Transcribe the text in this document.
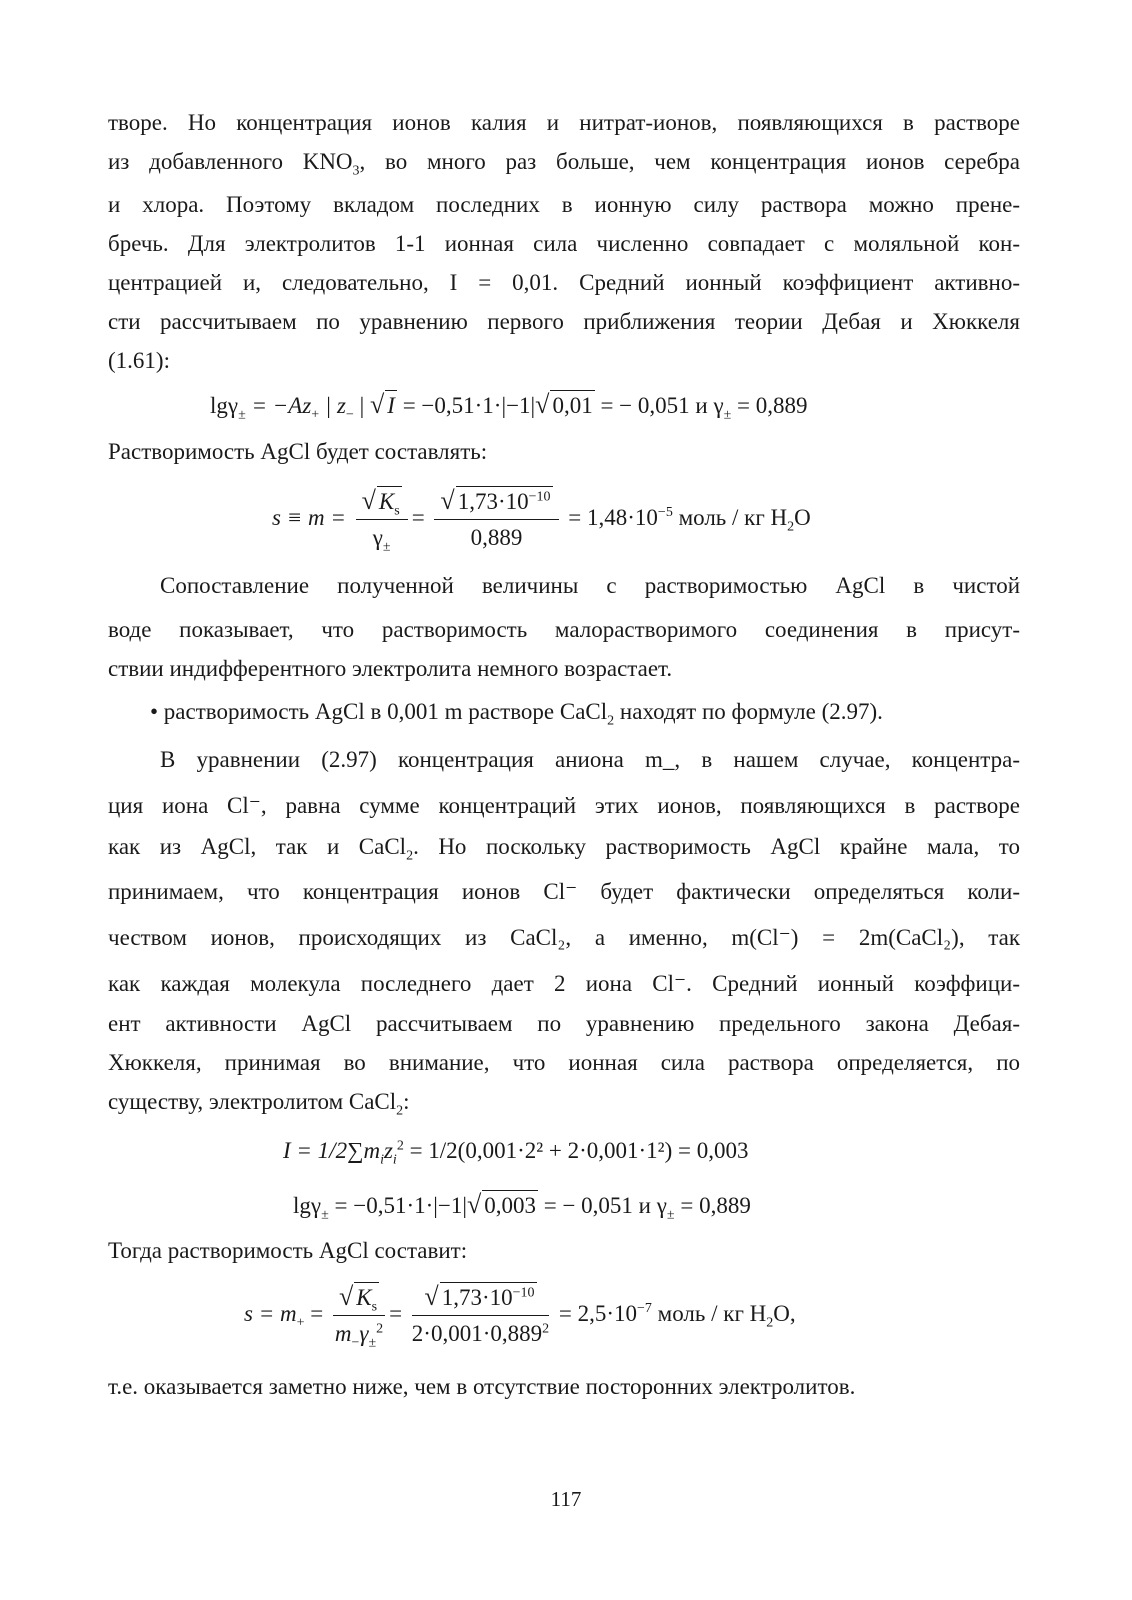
творе. Но концентрация ионов калия и нитрат-ионов, появляющихся в растворе
из добавленного $KNO_3$, во много раз больше, чем концентрация ионов серебра
и хлора. Поэтому вкладом последних в ионную силу раствора можно прене-
бречь. Для электролитов 1-1 ионная сила численно совпадает с моляльной кон-
центрацией и, следовательно, I = 0,01. Средний ионный коэффициент активно-
сти рассчитываем по уравнению первого приближения теории Дебая и Хюккеля
(1.61):
$\lg\gamma_\pm = -Az_+$ | $z_-$ | √ I = −0,51·1·|−1|√ 0,01 = − 0,051 и $\gamma_\pm = 0,889$
Растворимость AgCl будет составлять:
$s \equiv m = \frac{√ K_s}{\gamma_\pm} = \frac{√ 1,73\cdot 10^{-10}}{0,889} = 1,48\cdot 10^{-5}$ моль / кг $H_2O$
Сопоставление полученной величины с растворимостью AgCl в чистой
воде показывает, что растворимость малорастворимого соединения в присут-
ствии индифферентного электролита немного возрастает.
• растворимость AgCl в 0,001 m растворе CaCl$_2$ находят по формуле (2.97).
В уравнении (2.97) концентрация аниона m_, в нашем случае, концентра-
ция иона Cl⁻, равна сумме концентраций этих ионов, появляющихся в растворе
как из AgCl, так и CaCl$_2$. Но поскольку растворимость AgCl крайне мала, то
принимаем, что концентрация ионов Cl⁻ будет фактически определяться коли-
чеством ионов, происходящих из CaCl₂, а именно, m(Cl⁻) = 2m(CaCl₂), так
как каждая молекула последнего дает 2 иона Cl⁻. Средний ионный коэффици-
ент активности AgCl рассчитываем по уравнению предельного закона Дебая-
Хюккеля, принимая во внимание, что ионная сила раствора определяется, по
существу, электролитом CaCl$_2$:
$I = 1/2\sum m_iz_i^2 = 1/2(0,001\cdot 2^2 + 2\cdot 0,001\cdot 1^2) = 0,003$
lgγ$_\pm$ = −0,51·1·|−1|√ 0,003 = − 0,051 и $\gamma_\pm = 0,889$
Тогда растворимость AgCl составит:
$s = m_+ = \frac{√ K_s}{m_-\gamma_\pm^2} = \frac{√ 1,73\cdot 10^{-10}}{2\cdot 0,001\cdot 0,889^2} = 2,5\cdot 10^{-7}$ моль / кг $H_2O$,
т.е. оказывается заметно ниже, чем в отсутствие посторонних электролитов.
117
